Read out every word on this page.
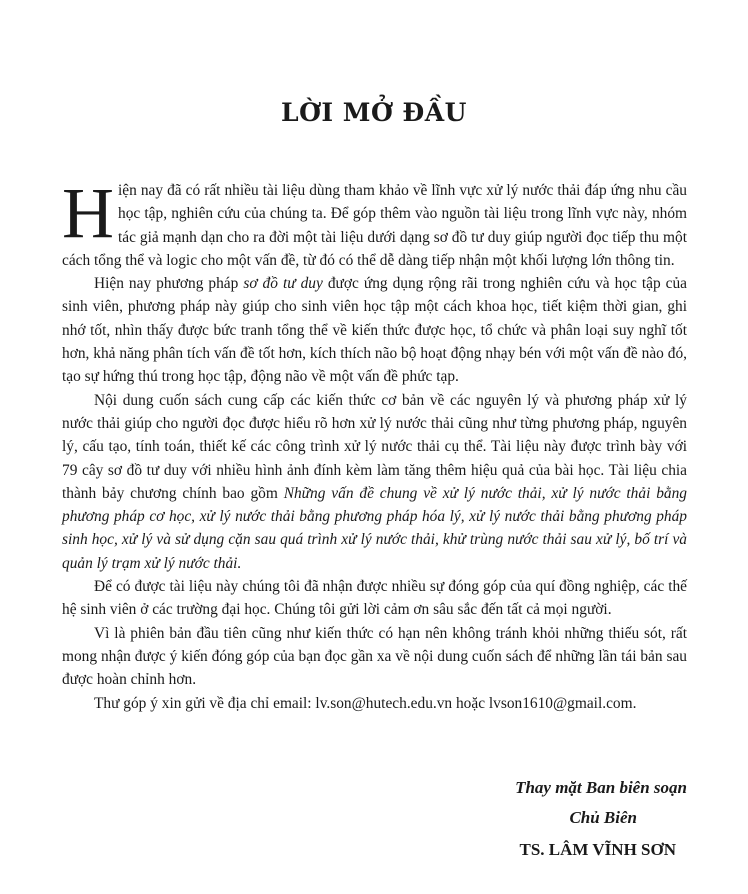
LỜI MỞ ĐẦU

Hiện nay đã có rất nhiều tài liệu dùng tham khảo về lĩnh vực xử lý nước thải đáp ứng nhu cầu học tập, nghiên cứu của chúng ta. Để góp thêm vào nguồn tài liệu trong lĩnh vực này, nhóm tác giả mạnh dạn cho ra đời một tài liệu dưới dạng sơ đồ tư duy giúp người đọc tiếp thu một cách tổng thể và logic cho một vấn đề, từ đó có thể dễ dàng tiếp nhận một khối lượng lớn thông tin.

Hiện nay phương pháp sơ đồ tư duy được ứng dụng rộng rãi trong nghiên cứu và học tập của sinh viên, phương pháp này giúp cho sinh viên học tập một cách khoa học, tiết kiệm thời gian, ghi nhớ tốt, nhìn thấy được bức tranh tổng thể về kiến thức được học, tổ chức và phân loại suy nghĩ tốt hơn, khả năng phân tích vấn đề tốt hơn, kích thích não bộ hoạt động nhạy bén với một vấn đề nào đó, tạo sự hứng thú trong học tập, động não về một vấn đề phức tạp.

Nội dung cuốn sách cung cấp các kiến thức cơ bản về các nguyên lý và phương pháp xử lý nước thải giúp cho người đọc được hiểu rõ hơn xử lý nước thải cũng như từng phương pháp, nguyên lý, cấu tạo, tính toán, thiết kế các công trình xử lý nước thải cụ thể. Tài liệu này được trình bày với 79 cây sơ đồ tư duy với nhiều hình ảnh đính kèm làm tăng thêm hiệu quả của bài học. Tài liệu chia thành bảy chương chính bao gồm Những vấn đề chung về xử lý nước thải, xử lý nước thải bằng phương pháp cơ học, xử lý nước thải bằng phương pháp hóa lý, xử lý nước thải bằng phương pháp sinh học, xử lý và sử dụng cặn sau quá trình xử lý nước thải, khử trùng nước thải sau xử lý, bố trí và quản lý trạm xử lý nước thải.

Để có được tài liệu này chúng tôi đã nhận được nhiều sự đóng góp của quí đồng nghiệp, các thế hệ sinh viên ở các trường đại học. Chúng tôi gửi lời cảm ơn sâu sắc đến tất cả mọi người.

Vì là phiên bản đầu tiên cũng như kiến thức có hạn nên không tránh khỏi những thiếu sót, rất mong nhận được ý kiến đóng góp của bạn đọc gần xa về nội dung cuốn sách để những lần tái bản sau được hoàn chỉnh hơn.

Thư góp ý xin gửi về địa chỉ email: lv.son@hutech.edu.vn hoặc lvson1610@gmail.com.

Thay mặt Ban biên soạn
Chủ Biên
TS. LÂM VĨNH SƠN
